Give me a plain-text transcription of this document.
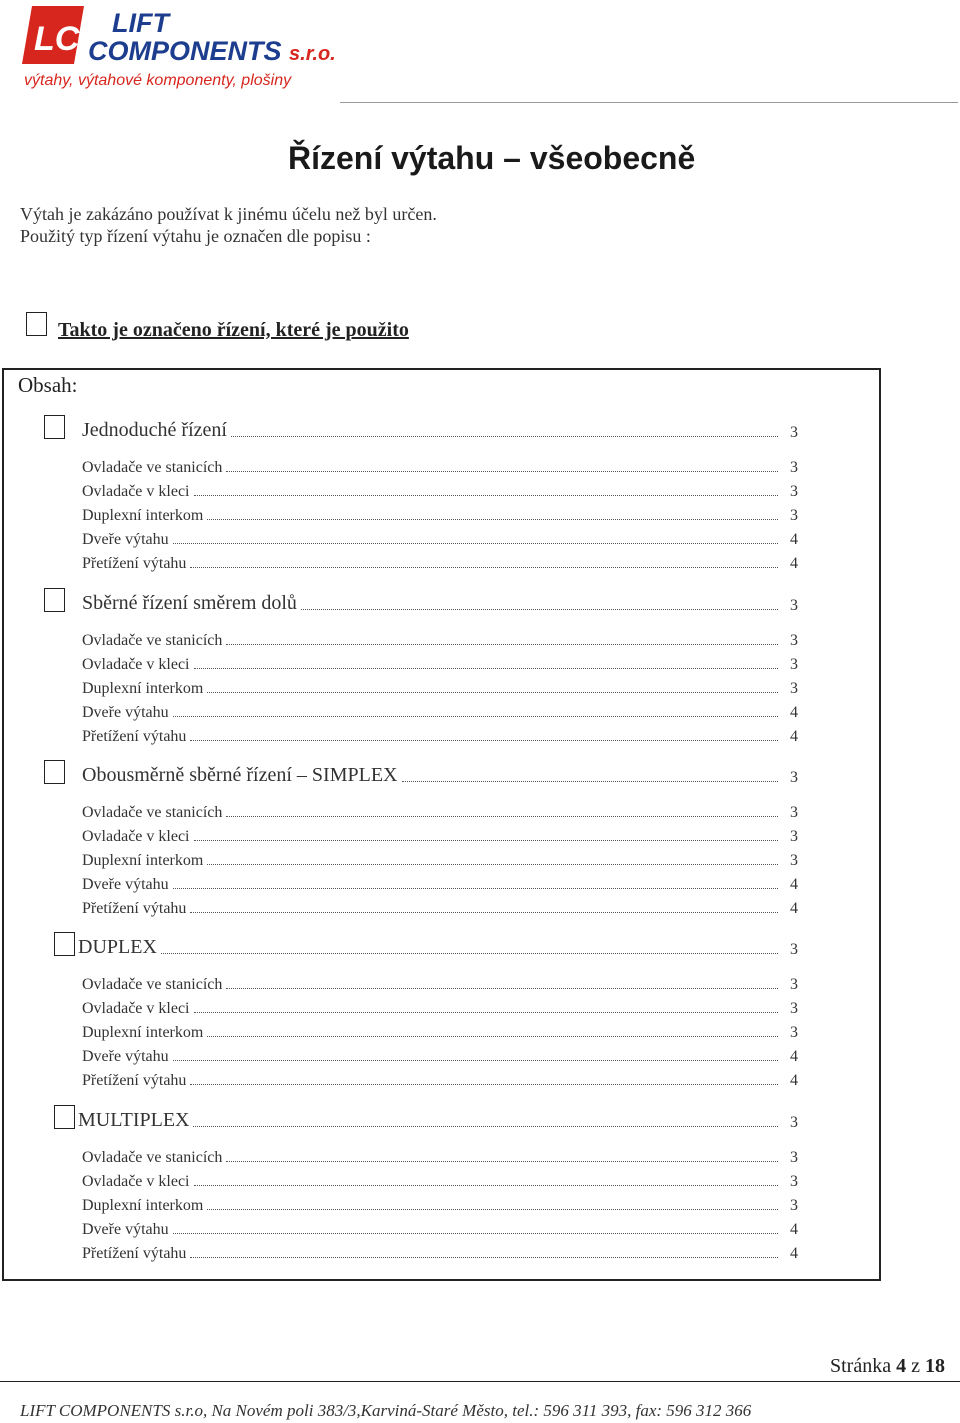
LC LIFT
COMPONENTS s.r.o.
výtahy, výtahové komponenty, plošiny
Řízení výtahu – všeobecně
Výtah je zakázáno používat k jinému účelu než byl určen.
Použitý typ řízení výtahu je označen dle popisu :
Takto je označeno řízení, které je použito
Obsah:
Jednoduché řízení	3
Ovladače ve stanicích	3
Ovladače v kleci	3
Duplexní interkom	3
Dveře výtahu	4
Přetížení výtahu	4
Sběrné řízení směrem dolů	3
Ovladače ve stanicích	3
Ovladače v kleci	3
Duplexní interkom	3
Dveře výtahu	4
Přetížení výtahu	4
Obousměrně sběrné řízení – SIMPLEX	3
Ovladače ve stanicích	3
Ovladače v kleci	3
Duplexní interkom	3
Dveře výtahu	4
Přetížení výtahu	4
DUPLEX	3
Ovladače ve stanicích	3
Ovladače v kleci	3
Duplexní interkom	3
Dveře výtahu	4
Přetížení výtahu	4
MULTIPLEX	3
Ovladače ve stanicích	3
Ovladače v kleci	3
Duplexní interkom	3
Dveře výtahu	4
Přetížení výtahu	4
Stránka 4 z 18
LIFT COMPONENTS s.r.o, Na Novém poli 383/3,Karviná-Staré Město, tel.: 596 311 393, fax: 596 312 366
